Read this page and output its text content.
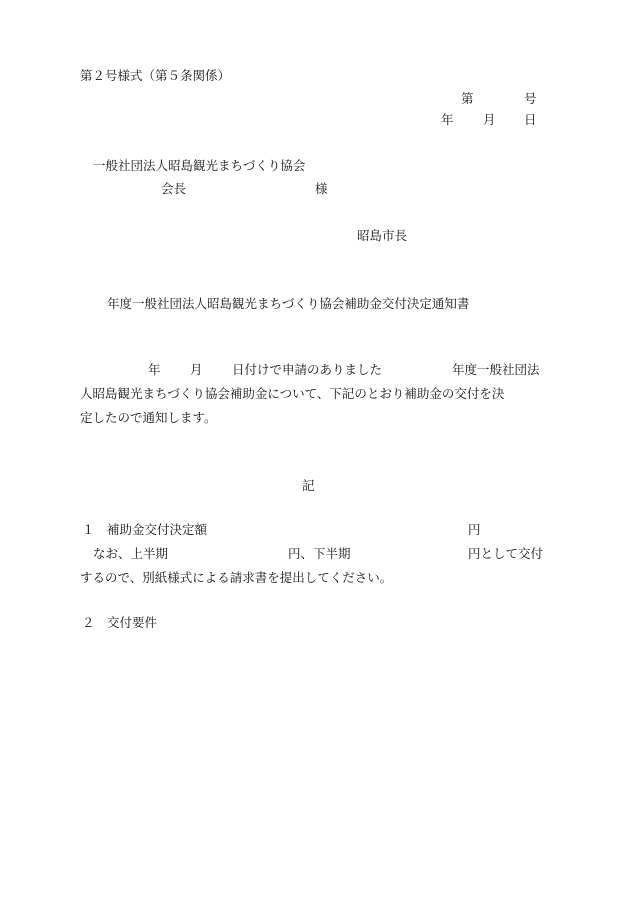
第２号様式（第５条関係）
第	号
年 月 日
一般社団法人昭島観光まちづくり協会
会長	様
昭島市長
年度一般社団法人昭島観光まちづくり協会補助金交付決定通知書
年 月 日付けで申請のありました	年度一般社団法
人昭島観光まちづくり協会補助金について、下記のとおり補助金の交付を決
定したので通知します。
記
１ 補助金交付決定額	円
なお、上半期	円、下半期	円として交付
するので、別紙様式による請求書を提出してください。
２ 交付要件
